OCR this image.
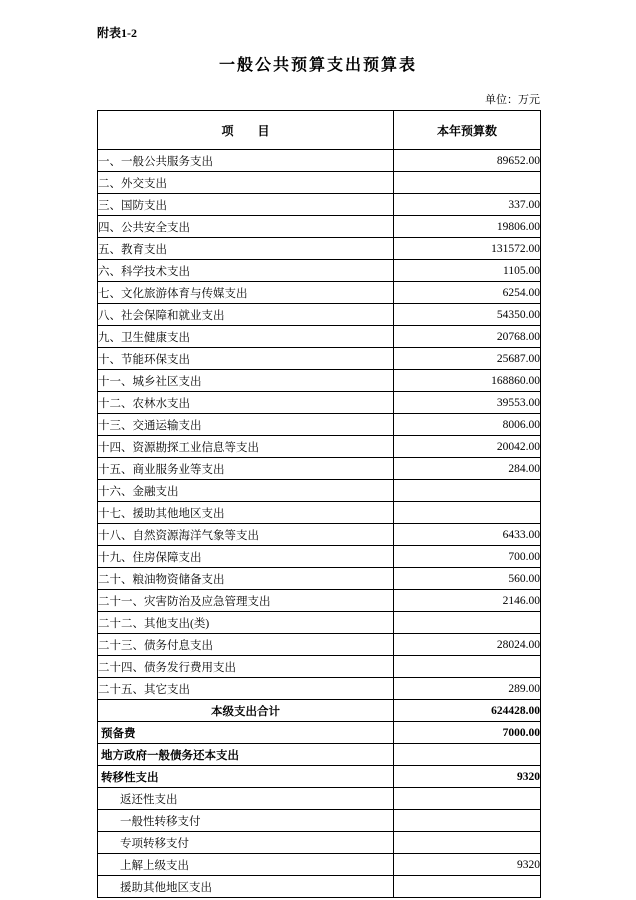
附表1-2
一般公共预算支出预算表
单位：万元
项　　目	本年预算数
一、一般公共服务支出	89652.00
二、外交支出	
三、国防支出	337.00
四、公共安全支出	19806.00
五、教育支出	131572.00
六、科学技术支出	1105.00
七、文化旅游体育与传媒支出	6254.00
八、社会保障和就业支出	54350.00
九、卫生健康支出	20768.00
十、节能环保支出	25687.00
十一、城乡社区支出	168860.00
十二、农林水支出	39553.00
十三、交通运输支出	8006.00
十四、资源勘探工业信息等支出	20042.00
十五、商业服务业等支出	284.00
十六、金融支出	
十七、援助其他地区支出	
十八、自然资源海洋气象等支出	6433.00
十九、住房保障支出	700.00
二十、粮油物资储备支出	560.00
二十一、灾害防治及应急管理支出	2146.00
二十二、其他支出(类)	
二十三、债务付息支出	28024.00
二十四、债务发行费用支出	
二十五、其它支出	289.00
本级支出合计	624428.00
预备费	7000.00
地方政府一般债务还本支出	
转移性支出	9320
返还性支出	
一般性转移支付	
专项转移支付	
上解上级支出	9320
援助其他地区支出	
